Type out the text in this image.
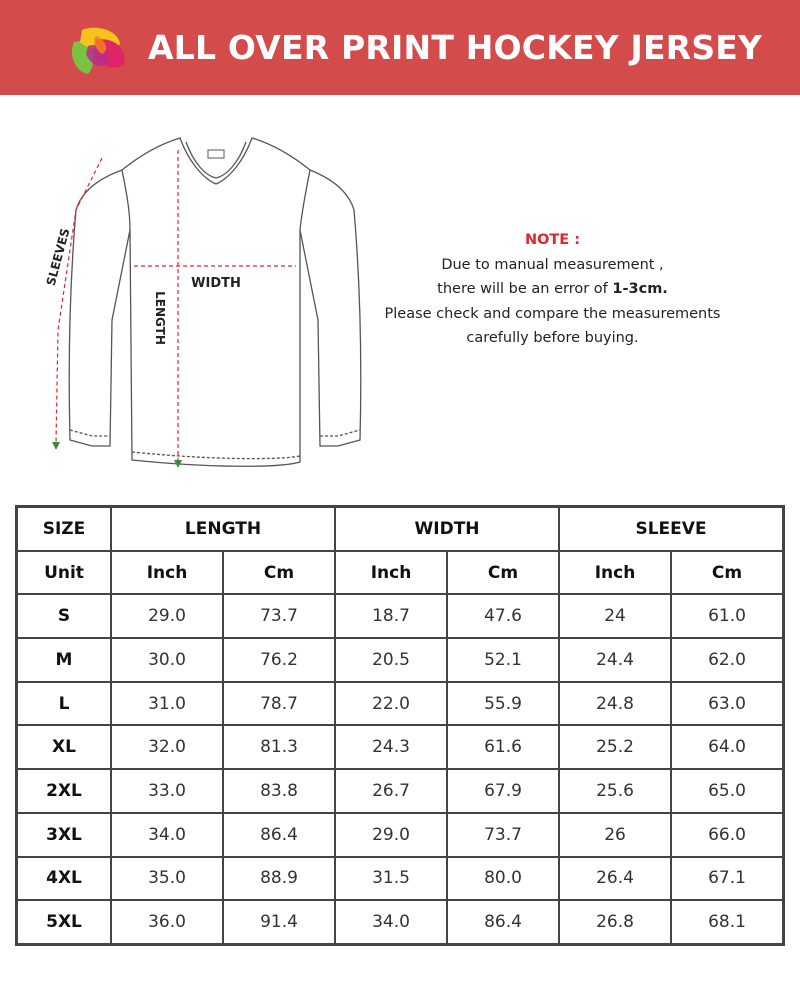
ALL OVER PRINT HOCKEY JERSEY
WIDTH
LENGTH
SLEEVES	NOTE :
Due to manual measurement ,
there will be an error of 1-3cm.
Please check and compare the measurements
carefully before buying.
SIZE	LENGTH		WIDTH		SLEEVE	
Unit	Inch	Cm	Inch	Cm	Inch	Cm
S	29.0	73.7	18.7	47.6	24	61.0
M	30.0	76.2	20.5	52.1	24.4	62.0
L	31.0	78.7	22.0	55.9	24.8	63.0
XL	32.0	81.3	24.3	61.6	25.2	64.0
2XL	33.0	83.8	26.7	67.9	25.6	65.0
3XL	34.0	86.4	29.0	73.7	26	66.0
4XL	35.0	88.9	31.5	80.0	26.4	67.1
5XL	36.0	91.4	34.0	86.4	26.8	68.1
